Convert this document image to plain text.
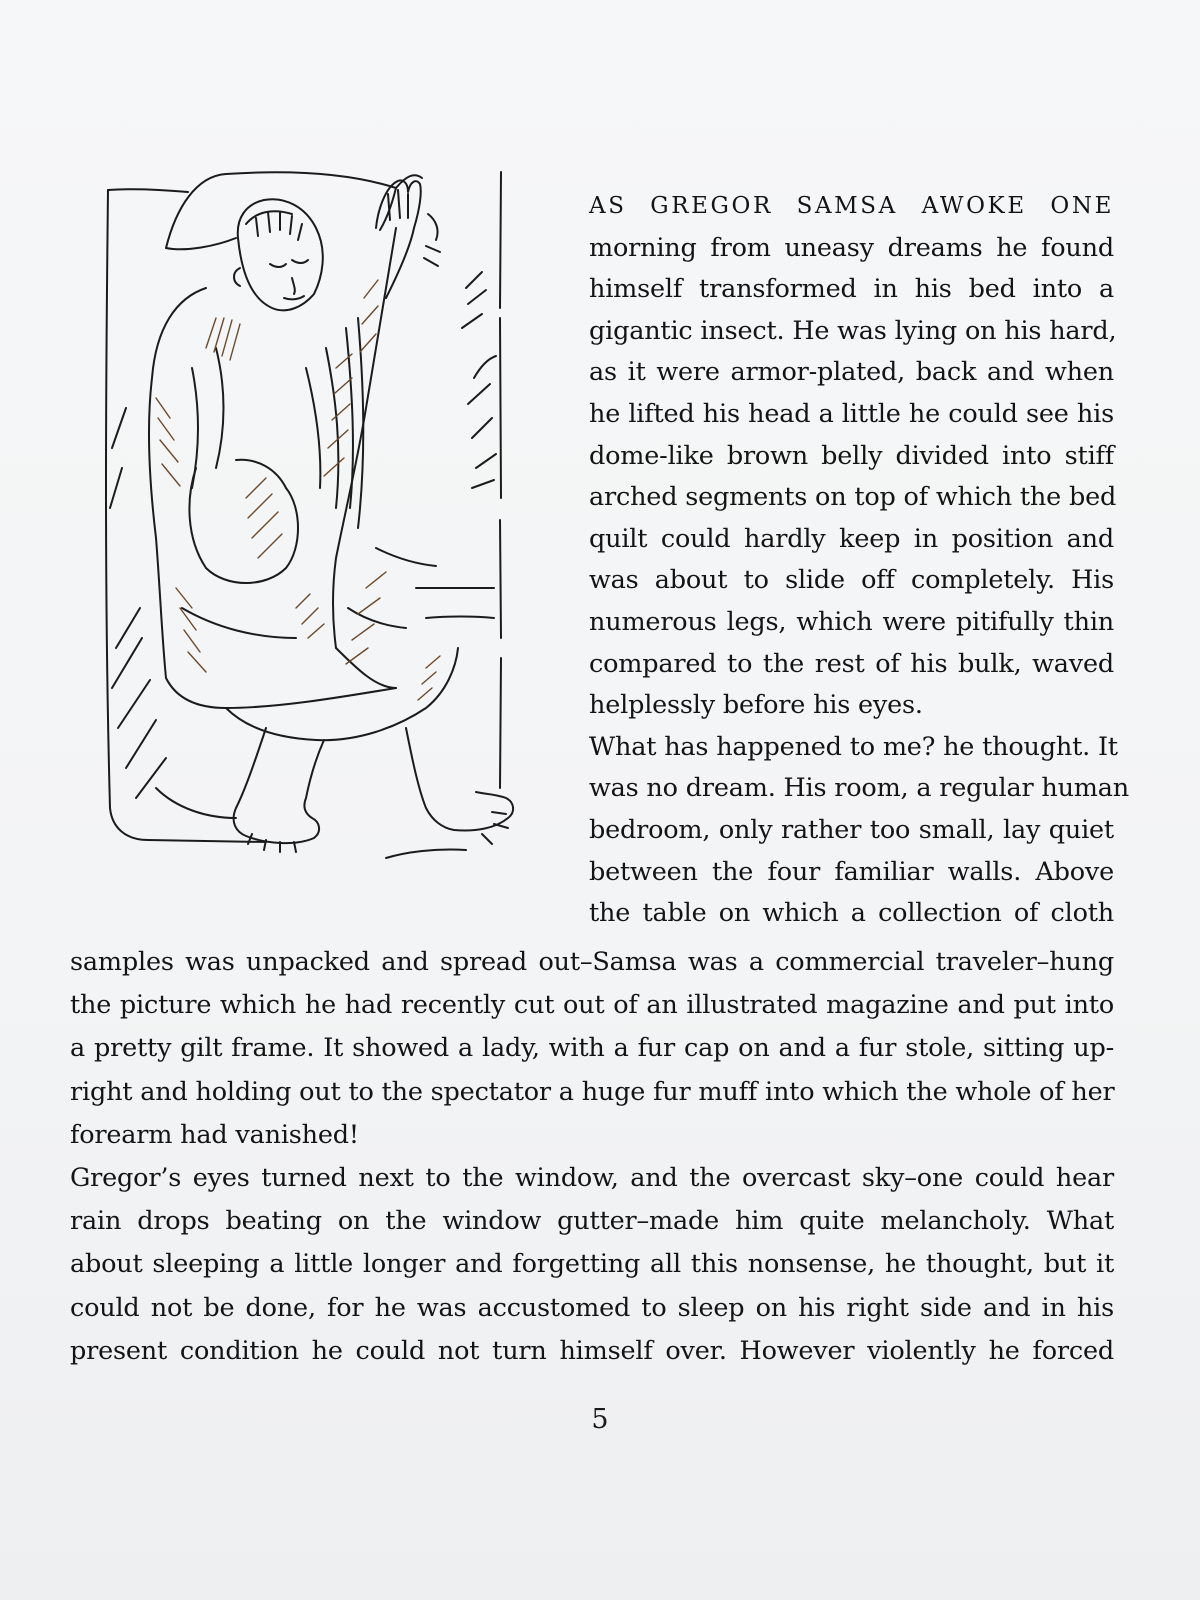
AS GREGOR SAMSA AWOKE ONE
morning from uneasy dreams he found
himself transformed in his bed into a
gigantic insect. He was lying on his hard,
as it were armor-plated, back and when
he lifted his head a little he could see his
dome-like brown belly divided into stiff
arched segments on top of which the bed
quilt could hardly keep in position and
was about to slide off completely. His
numerous legs, which were pitifully thin
compared to the rest of his bulk, waved
helplessly before his eyes.
What has happened to me? he thought. It
was no dream. His room, a regular human
bedroom, only rather too small, lay quiet
between the four familiar walls. Above
the table on which a collection of cloth
samples was unpacked and spread out–Samsa was a commercial traveler–hung
the picture which he had recently cut out of an illustrated magazine and put into
a pretty gilt frame. It showed a lady, with a fur cap on and a fur stole, sitting up-
right and holding out to the spectator a huge fur muff into which the whole of her
forearm had vanished!
Gregor’s eyes turned next to the window, and the overcast sky–one could hear
rain drops beating on the window gutter–made him quite melancholy. What
about sleeping a little longer and forgetting all this nonsense, he thought, but it
could not be done, for he was accustomed to sleep on his right side and in his
present condition he could not turn himself over. However violently he forced
5
